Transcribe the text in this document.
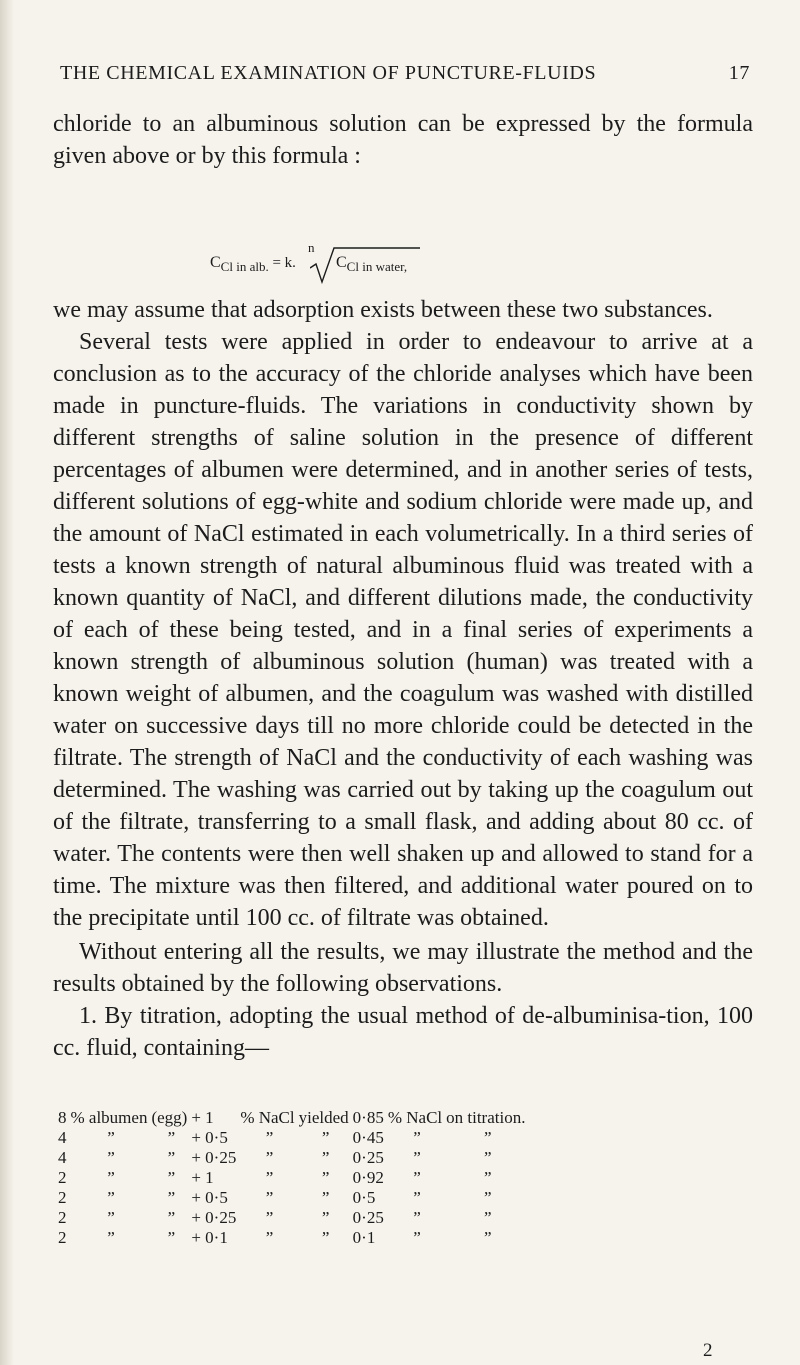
THE CHEMICAL EXAMINATION OF PUNCTURE-FLUIDS	17

chloride to an albuminous solution can be expressed by the formula given above or by this formula :

$C_{Cl in alb.} = k$.
n
$C_{Cl in water,}$

we may assume that adsorption exists between these two substances.

Several tests were applied in order to endeavour to arrive at a conclusion as to the accuracy of the chloride analyses which have been made in puncture-fluids. The variations in conductivity shown by different strengths of saline solution in the presence of different percentages of albumen were determined, and in another series of tests, different solutions of egg-white and sodium chloride were made up, and the amount of NaCl estimated in each volumetrically. In a third series of tests a known strength of natural albuminous fluid was treated with a known quantity of NaCl, and different dilutions made, the conductivity of each of these being tested, and in a final series of experiments a known strength of albuminous solution (human) was treated with a known weight of albumen, and the coagulum was washed with distilled water on successive days till no more chloride could be detected in the filtrate. The strength of NaCl and the conductivity of each washing was determined. The washing was carried out by taking up the coagulum out of the filtrate, transferring to a small flask, and adding about 80 cc. of water. The contents were then well shaken up and allowed to stand for a time. The mixture was then filtered, and additional water poured on to the precipitate until 100 cc. of filtrate was obtained.

Without entering all the results, we may illustrate the method and the results obtained by the following observations.

1. By titration, adopting the usual method of de-albuminisa-tion, 100 cc. fluid, containing—

8	% albumen	(egg)	+ 1	% NaCl	yielded	0·85	% NaCl	on titration.
4	”	”	+ 0·5	”	”	0·45	”	”
4	”	”	+ 0·25	”	”	0·25	”	”
2	”	”	+ 1	”	”	0·92	”	”
2	”	”	+ 0·5	”	”	0·5	”	”
2	”	”	+ 0·25	”	”	0·25	”	”
2	”	”	+ 0·1	”	”	0·1	”	”
2
